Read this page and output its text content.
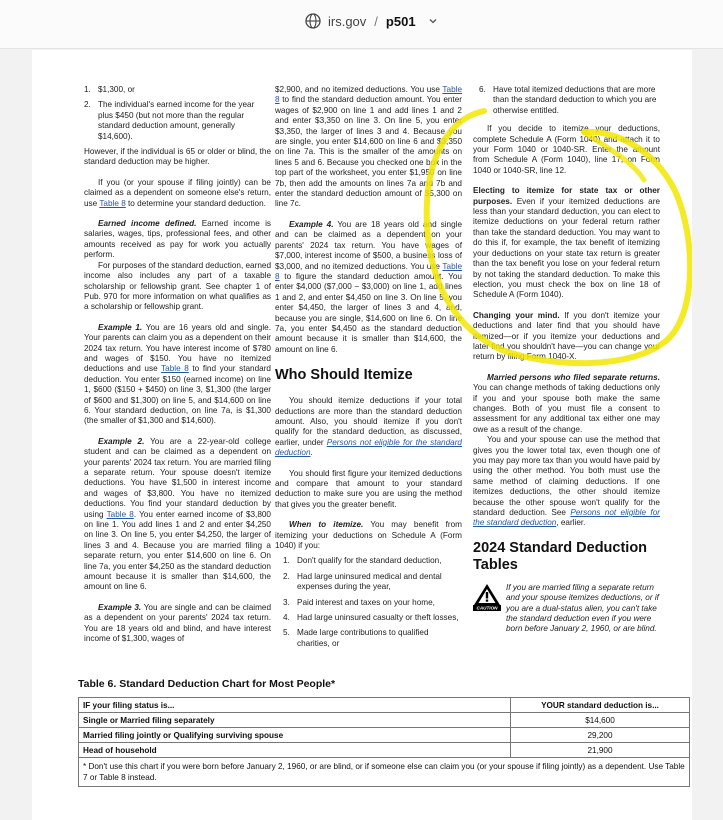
irs.gov / p501
1. $1,300, or
2. The individual's earned income for the year plus $450 (but not more than the regular standard deduction amount, generally $14,600).

However, if the individual is 65 or older or blind, the standard deduction may be higher.

If you (or your spouse if filing jointly) can be claimed as a dependent on someone else's return, use Table 8 to determine your standard deduction.

Earned income defined. Earned income is salaries, wages, tips, professional fees, and other amounts received as pay for work you actually perform.

For purposes of the standard deduction, earned income also includes any part of a taxable scholarship or fellowship grant. See chapter 1 of Pub. 970 for more information on what qualifies as a scholarship or fellowship grant.

Example 1. You are 16 years old and single. Your parents can claim you as a dependent on their 2024 tax return. You have interest income of $780 and wages of $150. You have no itemized deductions and use Table 8 to find your standard deduction. You enter $150 (earned income) on line 1, $600 ($150 + $450) on line 3, $1,300 (the larger of $600 and $1,300) on line 5, and $14,600 on line 6. Your standard deduction, on line 7a, is $1,300 (the smaller of $1,300 and $14,600).

Example 2. You are a 22-year-old college student and can be claimed as a dependent on your parents' 2024 tax return. You are married filing a separate return. Your spouse doesn't itemize deductions. You have $1,500 in interest income and wages of $3,800. You have no itemized deductions. You find your standard deduction by using Table 8. You enter earned income of $3,800 on line 1. You add lines 1 and 2 and enter $4,250 on line 3. On line 5, you enter $4,250, the larger of lines 3 and 4. Because you are married filing a separate return, you enter $14,600 on line 6. On line 7a, you enter $4,250 as the standard deduction amount because it is smaller than $14,600, the amount on line 6.

Example 3. You are single and can be claimed as a dependent on your parents' 2024 tax return. You are 18 years old and blind, and have interest income of $1,300, wages of

$2,900, and no itemized deductions. You use Table 8 to find the standard deduction amount. You enter wages of $2,900 on line 1 and add lines 1 and 2 and enter $3,350 on line 3. On line 5, you enter $3,350, the larger of lines 3 and 4. Because you are single, you enter $14,600 on line 6 and $3,350 on line 7a. This is the smaller of the amounts on lines 5 and 6. Because you checked one box in the top part of the worksheet, you enter $1,950 on line 7b, then add the amounts on lines 7a and 7b and enter the standard deduction amount of $5,300 on line 7c.

Example 4. You are 18 years old and single and can be claimed as a dependent on your parents' 2024 tax return. You have wages of $7,000, interest income of $500, a business loss of $3,000, and no itemized deductions. You use Table 8 to figure the standard deduction amount. You enter $4,000 ($7,000 − $3,000) on line 1, add lines 1 and 2, and enter $4,450 on line 3. On line 5, you enter $4,450, the larger of lines 3 and 4, and, because you are single, $14,600 on line 6. On line 7a, you enter $4,450 as the standard deduction amount because it is smaller than $14,600, the amount on line 6.

Who Should Itemize

You should itemize deductions if your total deductions are more than the standard deduction amount. Also, you should itemize if you don't qualify for the standard deduction, as discussed, earlier, under Persons not eligible for the standard deduction.

You should first figure your itemized deductions and compare that amount to your standard deduction to make sure you are using the method that gives you the greater benefit.

When to itemize. You may benefit from itemizing your deductions on Schedule A (Form 1040) if you:

1. Don't qualify for the standard deduction,
2. Had large uninsured medical and dental expenses during the year,
3. Paid interest and taxes on your home,
4. Had large uninsured casualty or theft losses,
5. Made large contributions to qualified charities, or
6. Have total itemized deductions that are more than the standard deduction to which you are otherwise entitled.

If you decide to itemize your deductions, complete Schedule A (Form 1040) and attach it to your Form 1040 or 1040-SR. Enter the amount from Schedule A (Form 1040), line 17, on Form 1040 or 1040-SR, line 12.

Electing to itemize for state tax or other purposes. Even if your itemized deductions are less than your standard deduction, you can elect to itemize deductions on your federal return rather than take the standard deduction. You may want to do this if, for example, the tax benefit of itemizing your deductions on your state tax return is greater than the tax benefit you lose on your federal return by not taking the standard deduction. To make this election, you must check the box on line 18 of Schedule A (Form 1040).

Changing your mind. If you don't itemize your deductions and later find that you should have itemized—or if you itemize your deductions and later find you shouldn't have—you can change your return by filing Form 1040-X.

Married persons who filed separate returns. You can change methods of taking deductions only if you and your spouse both make the same changes. Both of you must file a consent to assessment for any additional tax either one may owe as a result of the change.

You and your spouse can use the method that gives you the lower total tax, even though one of you may pay more tax than you would have paid by using the other method. You both must use the same method of claiming deductions. If one itemizes deductions, the other should itemize because the other spouse won't qualify for the standard deduction. See Persons not eligible for the standard deduction, earlier.

2024 Standard Deduction Tables
CAUTION
If you are married filing a separate return and your spouse itemizes deductions, or if you are a dual-status alien, you can't take the standard deduction even if you were born before January 2, 1960, or are blind.
Table 6. Standard Deduction Chart for Most People*
IF your filing status is...	YOUR standard deduction is...
Single or Married filing separately	$14,600
Married filing jointly or Qualifying surviving spouse	29,200
Head of household	21,900
* Don't use this chart if you were born before January 2, 1960, or are blind, or if someone else can claim you (or your spouse if filing jointly) as a dependent. Use Table 7 or Table 8 instead.	
